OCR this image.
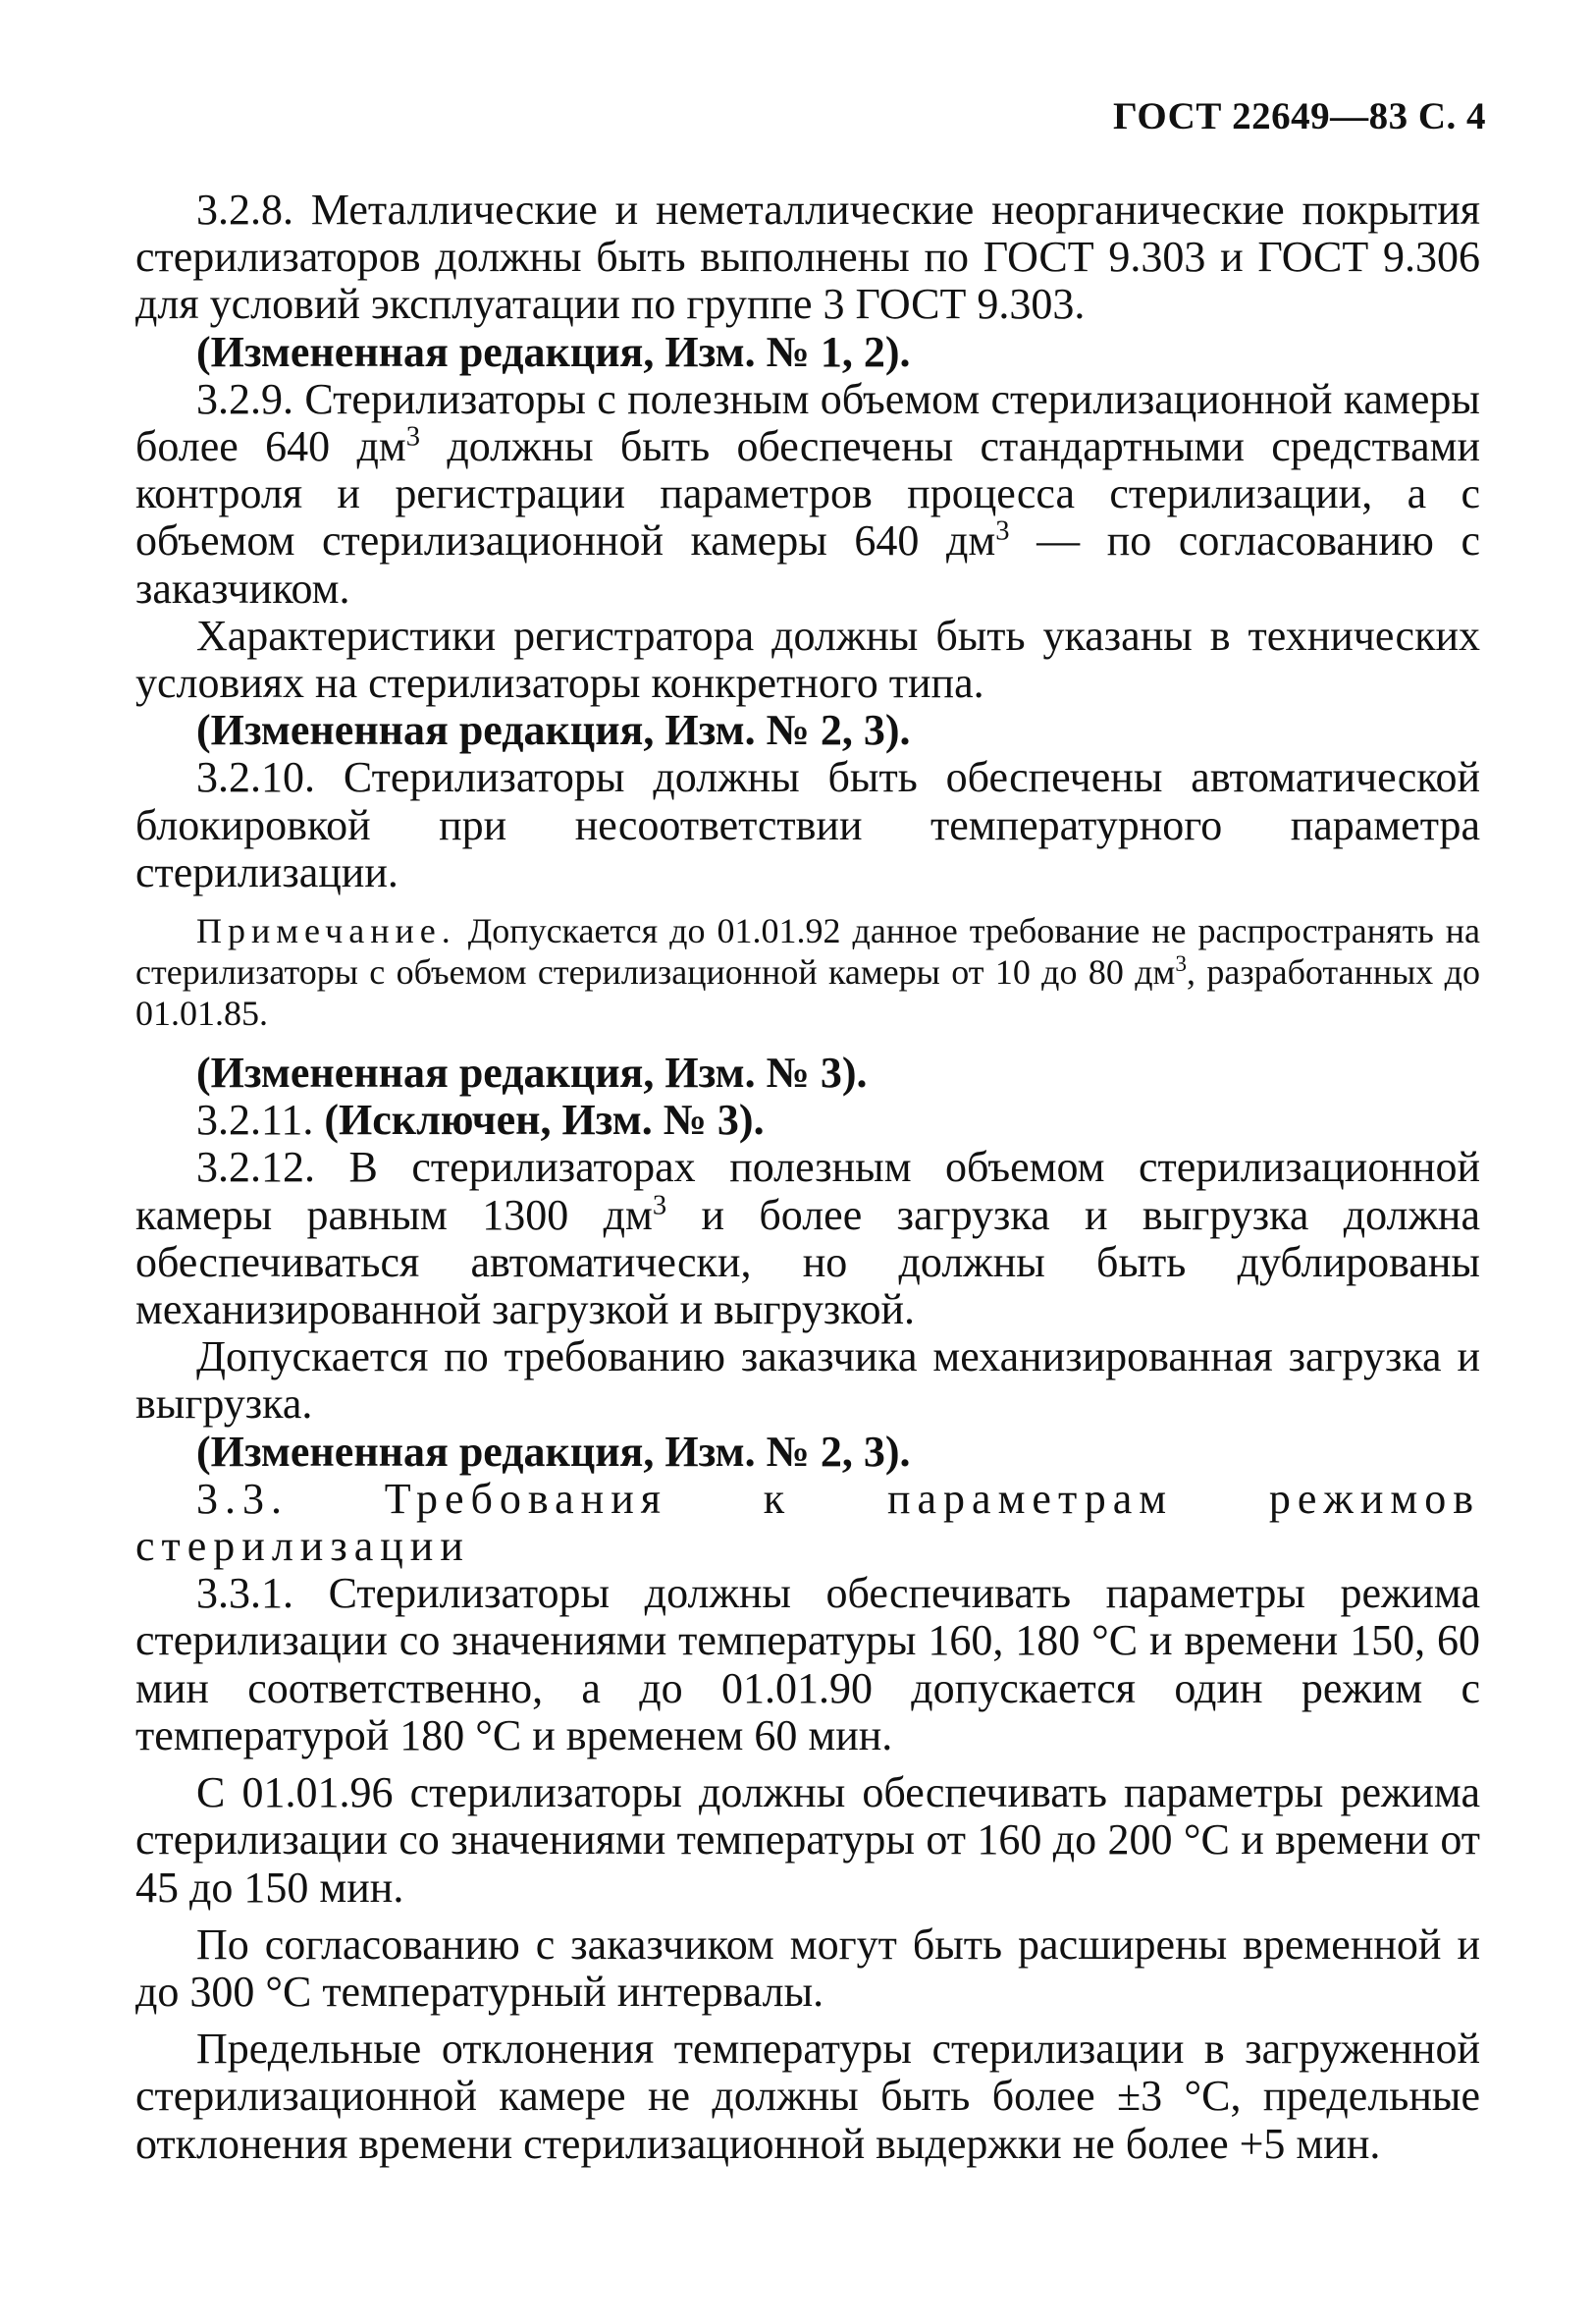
ГОСТ 22649—83 С. 4

3.2.8. Металлические и неметаллические неорганические покрытия стерилизаторов должны быть выполнены по ГОСТ 9.303 и ГОСТ 9.306 для условий эксплуатации по группе 3 ГОСТ 9.303.

(Измененная редакция, Изм. № 1, 2).

3.2.9. Стерилизаторы с полезным объемом стерилизационной камеры более 640 $дм^3$ должны быть обеспечены стандартными средствами контроля и регистрации параметров процесса стерилизации, а с объемом стерилизационной камеры 640 $дм^3$ — по согласованию с заказчиком.

Характеристики регистратора должны быть указаны в технических условиях на стерилизаторы конкретного типа.

(Измененная редакция, Изм. № 2, 3).

3.2.10. Стерилизаторы должны быть обеспечены автоматической блокировкой при несоответствии температурного параметра стерилизации.

Примечание. Допускается до 01.01.92 данное требование не распространять на стерилизаторы с объемом стерилизационной камеры от 10 до 80 $дм^3$, разработанных до 01.01.85.

(Измененная редакция, Изм. № 3).

3.2.11. (Исключен, Изм. № 3).

3.2.12. В стерилизаторах полезным объемом стерилизационной камеры равным 1300 $дм^3$ и более загрузка и выгрузка должна обеспечиваться автоматически, но должны быть дублированы механизированной загрузкой и выгрузкой.

Допускается по требованию заказчика механизированная загрузка и выгрузка.

(Измененная редакция, Изм. № 2, 3).

3.3. Требования к параметрам режимов стерилизации

3.3.1. Стерилизаторы должны обеспечивать параметры режима стерилизации со значениями температуры 160, 180 °С и времени 150, 60 мин соответственно, а до 01.01.90 допускается один режим с температурой 180 °С и временем 60 мин.

С 01.01.96 стерилизаторы должны обеспечивать параметры режима стерилизации со значениями температуры от 160 до 200 °С и времени от 45 до 150 мин.

По согласованию с заказчиком могут быть расширены временной и до 300 °С температурный интервалы.

Предельные отклонения температуры стерилизации в загруженной стерилизационной камере не должны быть более ±3 °С, предельные отклонения времени стерилизационной выдержки не более +5 мин.
